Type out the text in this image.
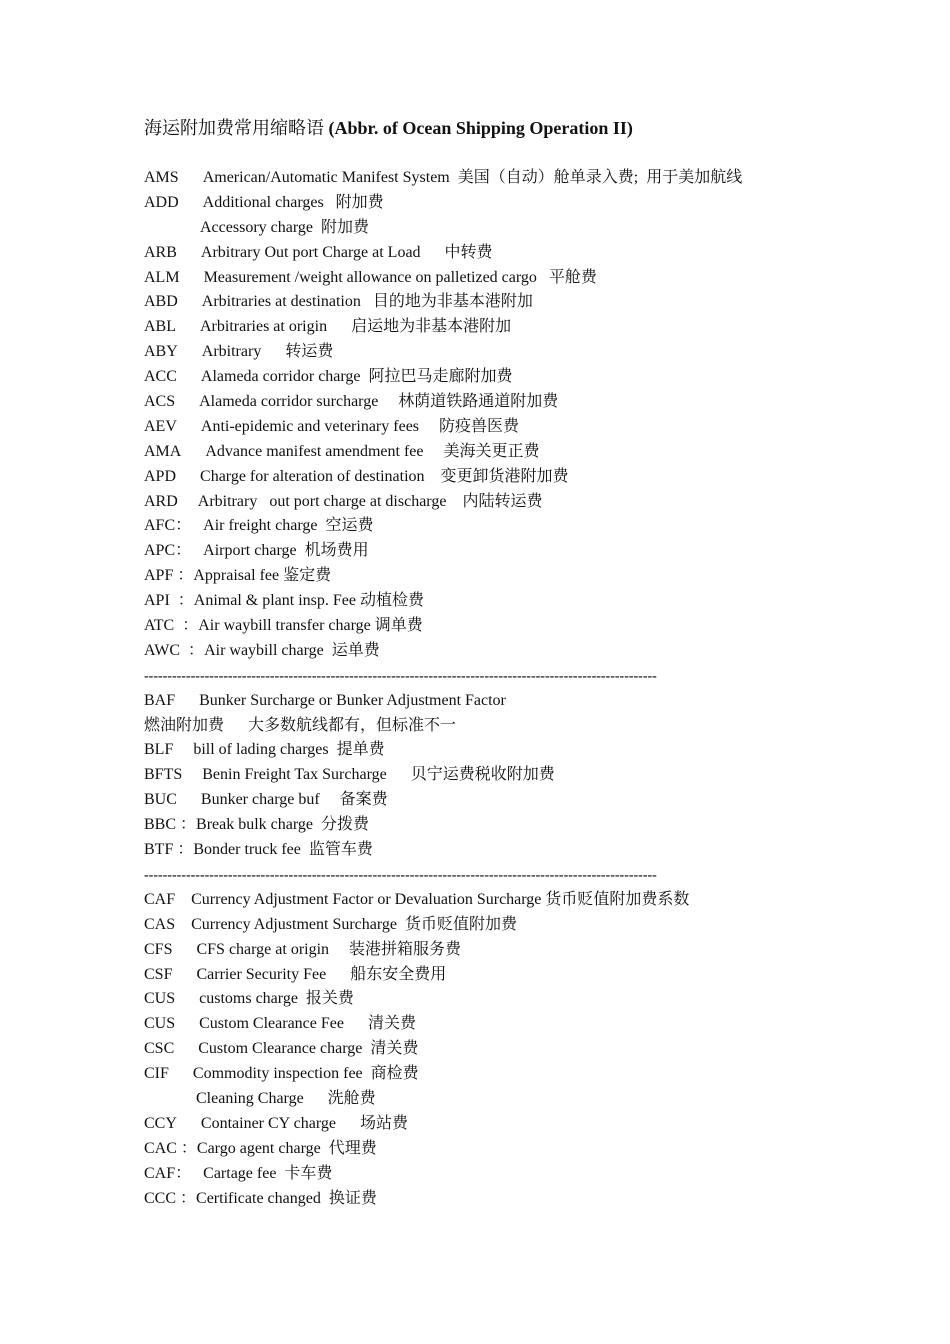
海运附加费常用缩略语 (Abbr. of Ocean Shipping Operation II)
AMS American/Automatic Manifest System  美国（自动）舱单录入费;  用于美加航线
ADD Additional charges   附加费
Accessory charge  附加费
ARB Arbitrary Out port Charge at Load      中转费
ALM Measurement /weight allowance on palletized cargo   平舱费
ABD Arbitraries at destination   目的地为非基本港附加
ABL Arbitraries at origin      启运地为非基本港附加
ABY Arbitrary      转运费
ACC Alameda corridor charge  阿拉巴马走廊附加费
ACS Alameda corridor surcharge     林荫道铁路通道附加费
AEV Anti-epidemic and veterinary fees     防疫兽医费
AMA Advance manifest amendment fee     美海关更正费
APD Charge for alteration of destination    变更卸货港附加费
ARD Arbitrary   out port charge at discharge    内陆转运费
AFC： Air freight charge  空运费
APC： Airport charge  机场费用
APF ：Appraisal fee 鉴定费
API  ：Animal & plant insp. Fee 动植检费
ATC  ：Air waybill transfer charge 调单费
AWC  ：Air waybill charge  运单费
--------------------------------------------------------------------------------------------------------------
BAF Bunker Surcharge or Bunker Adjustment Factor
燃油附加费      大多数航线都有，但标准不一
BLF bill of lading charges  提单费
BFTS Benin Freight Tax Surcharge      贝宁运费税收附加费
BUC Bunker charge buf     备案费
BBC ：Break bulk charge  分拨费
BTF ：Bonder truck fee  监管车费
--------------------------------------------------------------------------------------------------------------
CAF Currency Adjustment Factor or Devaluation Surcharge 货币贬值附加费系数
CAS Currency Adjustment Surcharge  货币贬值附加费
CFS CFS charge at origin     装港拼箱服务费
CSF Carrier Security Fee      船东安全费用
CUS customs charge  报关费
CUS Custom Clearance Fee      清关费
CSC Custom Clearance charge  清关费
CIF Commodity inspection fee  商检费
Cleaning Charge      洗舱费
CCY Container CY charge      场站费
CAC ：Cargo agent charge  代理费
CAF： Cartage fee  卡车费
CCC ：Certificate changed  换证费
